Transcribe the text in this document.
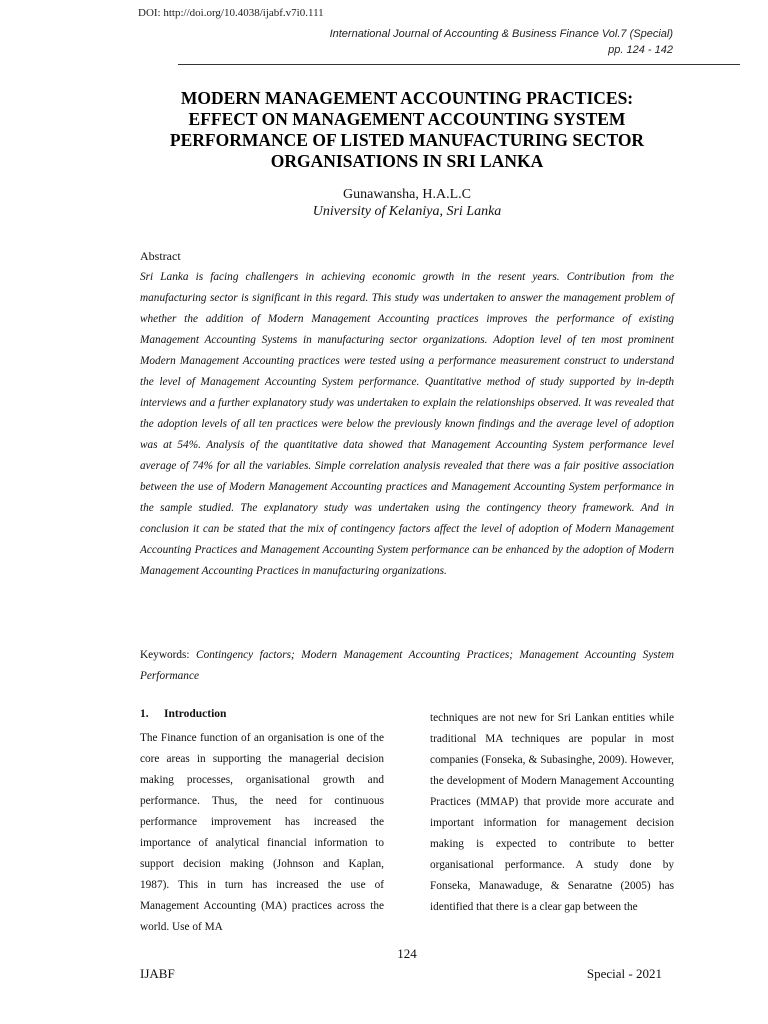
DOI: http://doi.org/10.4038/ijabf.v7i0.111
International Journal of Accounting & Business Finance Vol.7 (Special)
pp. 124 - 142
MODERN MANAGEMENT ACCOUNTING PRACTICES:
EFFECT ON MANAGEMENT ACCOUNTING SYSTEM
PERFORMANCE OF LISTED MANUFACTURING SECTOR
ORGANISATIONS IN SRI LANKA
Gunawansha, H.A.L.C
University of Kelaniya, Sri Lanka
Abstract

Sri Lanka is facing challengers in achieving economic growth in the resent years. Contribution from the manufacturing sector is significant in this regard. This study was undertaken to answer the management problem of whether the addition of Modern Management Accounting practices improves the performance of existing Management Accounting Systems in manufacturing sector organizations. Adoption level of ten most prominent Modern Management Accounting practices were tested using a performance measurement construct to understand the level of Management Accounting System performance. Quantitative method of study supported by in-depth interviews and a further explanatory study was undertaken to explain the relationships observed. It was revealed that the adoption levels of all ten practices were below the previously known findings and the average level of adoption was at 54%. Analysis of the quantitative data showed that Management Accounting System performance level average of 74% for all the variables. Simple correlation analysis revealed that there was a fair positive association between the use of Modern Management Accounting practices and Management Accounting System performance in the sample studied. The explanatory study was undertaken using the contingency theory framework. And in conclusion it can be stated that the mix of contingency factors affect the level of adoption of Modern Management Accounting Practices and Management Accounting System performance can be enhanced by the adoption of Modern Management Accounting Practices in manufacturing organizations.

Keywords: Contingency factors; Modern Management Accounting Practices; Management Accounting System Performance

1. Introduction

The Finance function of an organisation is one of the core areas in supporting the managerial decision making processes, organisational growth and performance. Thus, the need for continuous performance improvement has increased the importance of analytical financial information to support decision making (Johnson and Kaplan, 1987). This in turn has increased the use of Management Accounting (MA) practices across the world. Use of MA

techniques are not new for Sri Lankan entities while traditional MA techniques are popular in most companies (Fonseka, & Subasinghe, 2009). However, the development of Modern Management Accounting Practices (MMAP) that provide more accurate and important information for management decision making is expected to contribute to better organisational performance. A study done by Fonseka, Manawaduge, & Senaratne (2005) has identified that there is a clear gap between the

124
IJABF	Special - 2021
